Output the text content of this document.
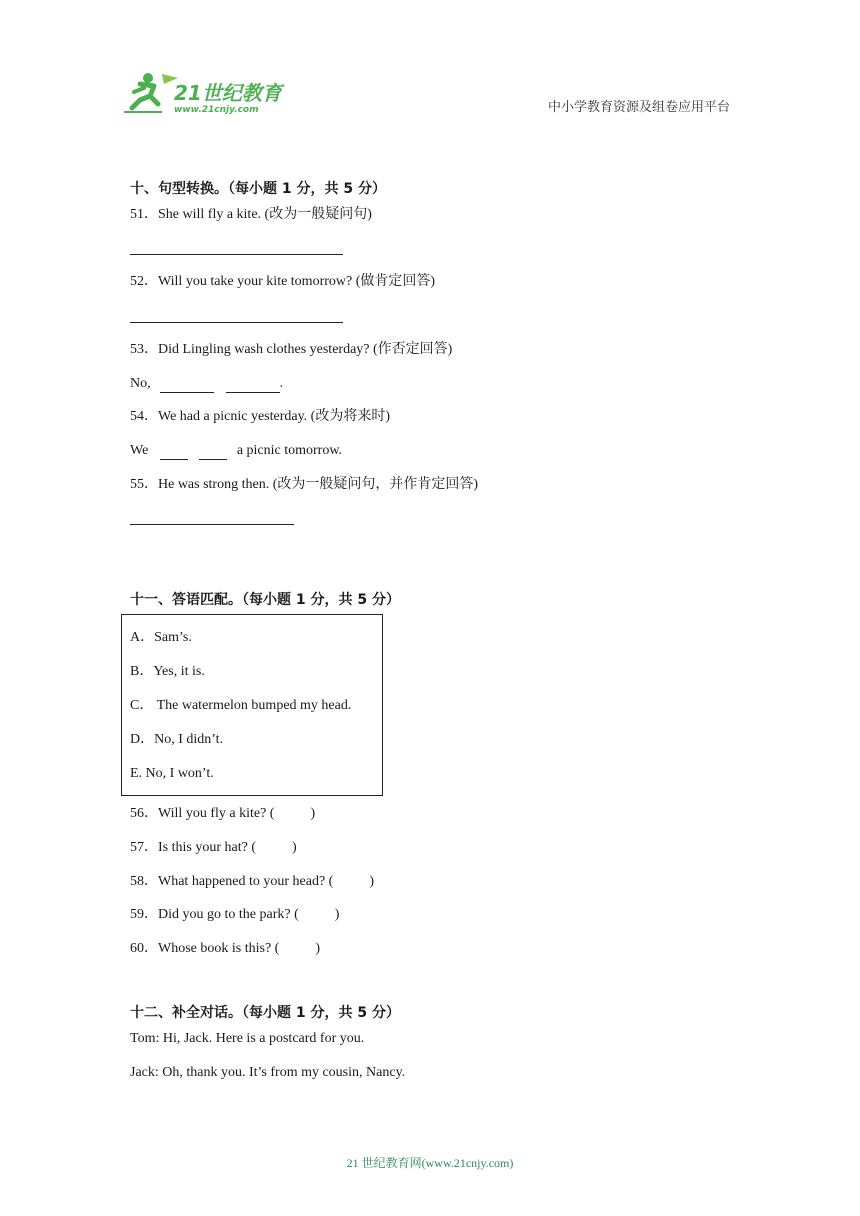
21世纪教育
www.21cnjy.com	中小学教育资源及组卷应用平台
十、句型转换。（每小题 1 分，共 5 分）
51．She will fly a kite. (改为一般疑问句)
52．Will you take your kite tomorrow? (做肯定回答)
53．Did Lingling wash clothes yesterday? (作否定回答)
No,	.
54．We had a picnic yesterday. (改为将来时)
We	a picnic tomorrow.
55．He was strong then. (改为一般疑问句，并作肯定回答)
十一、答语匹配。（每小题 1 分，共 5 分）
A．Sam’s.
B．Yes, it is.
C． The watermelon bumped my head.
D．No, I didn’t.
E. No, I won’t.
56．Will you fly a kite? (	)
57．Is this your hat? (	)
58．What happened to your head? (	)
59．Did you go to the park? (	)
60．Whose book is this? (	)
十二、补全对话。（每小题 1 分，共 5 分）
Tom: Hi, Jack. Here is a postcard for you.
Jack: Oh, thank you. It’s from my cousin, Nancy.
21 世纪教育网(www.21cnjy.com)
